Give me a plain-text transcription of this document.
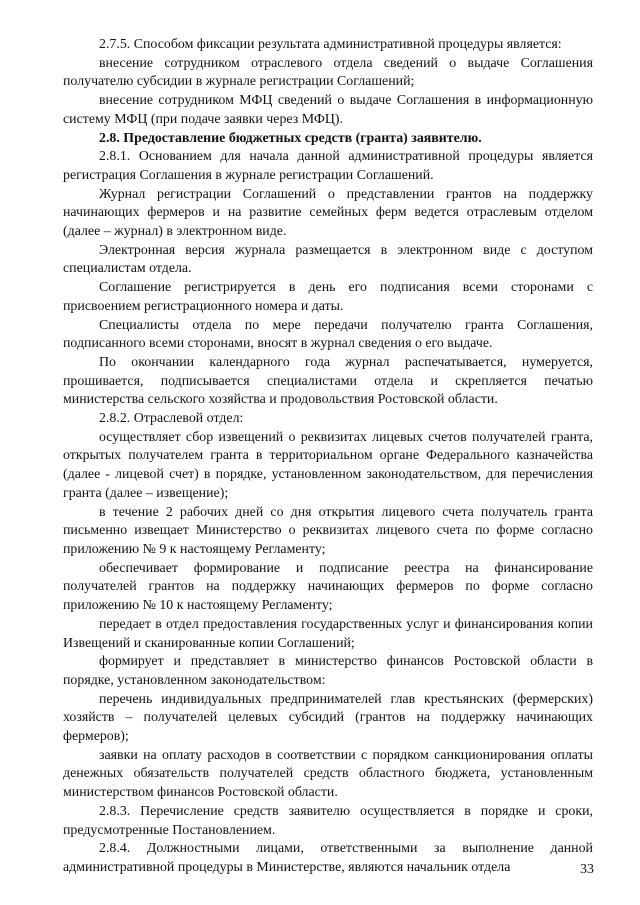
2.7.5. Способом фиксации результата административной процедуры является:

внесение сотрудником отраслевого отдела сведений о выдаче Соглашения получателю субсидии в журнале регистрации Соглашений;

внесение сотрудником МФЦ сведений о выдаче Соглашения в информационную систему МФЦ (при подаче заявки через МФЦ).

2.8. Предоставление бюджетных средств (гранта) заявителю.

2.8.1. Основанием для начала данной административной процедуры является регистрация Соглашения в журнале регистрации Соглашений.

Журнал регистрации Соглашений о представлении грантов на поддержку начинающих фермеров и на развитие семейных ферм ведется отраслевым отделом (далее – журнал) в электронном виде.

Электронная версия журнала размещается в электронном виде с доступом специалистам отдела.

Соглашение регистрируется в день его подписания всеми сторонами с присвоением регистрационного номера и даты.

Специалисты отдела по мере передачи получателю гранта Соглашения, подписанного всеми сторонами, вносят в журнал сведения о его выдаче.

По окончании календарного года журнал распечатывается, нумеруется, прошивается, подписывается специалистами отдела и скрепляется печатью министерства сельского хозяйства и продовольствия Ростовской области.

2.8.2. Отраслевой отдел:

осуществляет сбор извещений о реквизитах лицевых счетов получателей гранта, открытых получателем гранта в территориальном органе Федерального казначейства (далее - лицевой счет) в порядке, установленном законодательством, для перечисления гранта (далее – извещение);

в течение 2 рабочих дней со дня открытия лицевого счета получатель гранта письменно извещает Министерство о реквизитах лицевого счета по форме согласно приложению № 9 к настоящему Регламенту;

обеспечивает формирование и подписание реестра на финансирование получателей грантов на поддержку начинающих фермеров по форме согласно приложению № 10 к настоящему Регламенту;

передает в отдел предоставления государственных услуг и финансирования копии Извещений и сканированные копии Соглашений;

формирует и представляет в министерство финансов Ростовской области в порядке, установленном законодательством:

перечень индивидуальных предпринимателей глав крестьянских (фермерских) хозяйств – получателей целевых субсидий (грантов на поддержку начинающих фермеров);

заявки на оплату расходов в соответствии с порядком санкционирования оплаты денежных обязательств получателей средств областного бюджета, установленным министерством финансов Ростовской области.

2.8.3. Перечисление средств заявителю осуществляется в порядке и сроки, предусмотренные Постановлением.

2.8.4. Должностными лицами, ответственными за выполнение данной административной процедуры в Министерстве, являются начальник отдела	33
